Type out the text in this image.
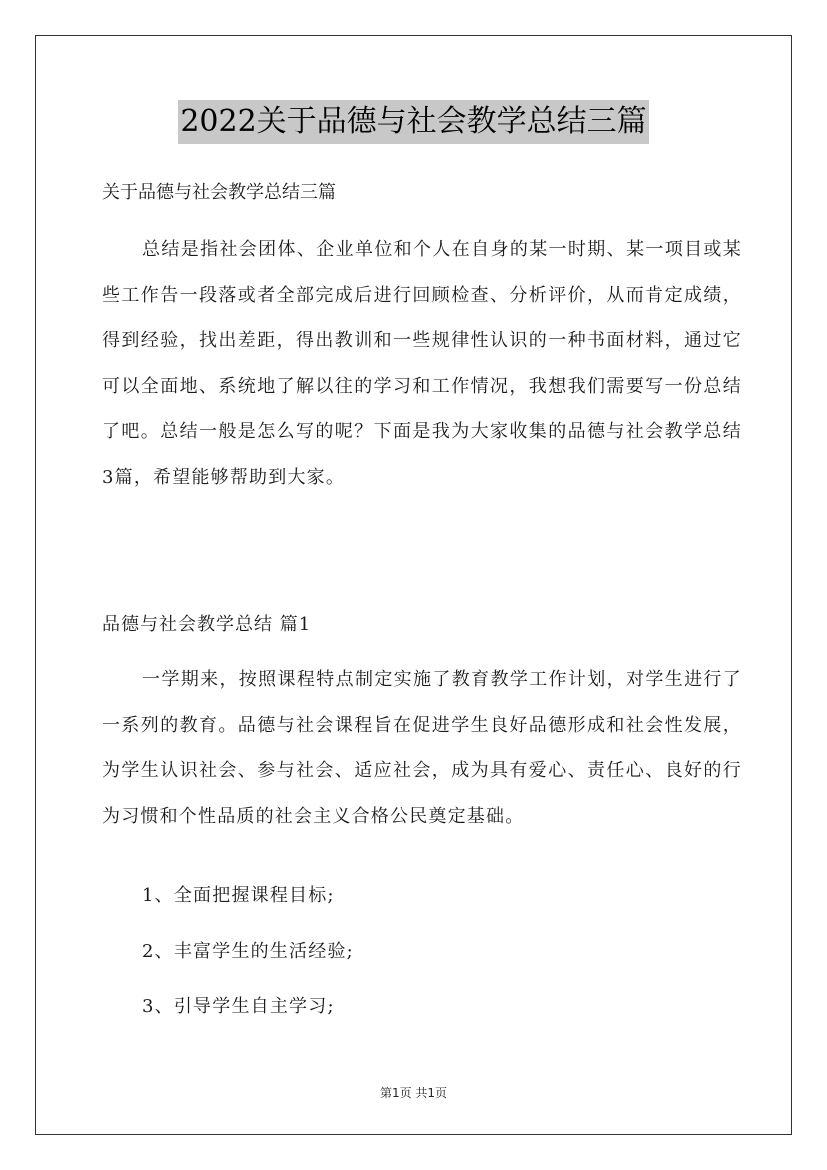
2022关于品德与社会教学总结三篇
关于品德与社会教学总结三篇

总结是指社会团体、企业单位和个人在自身的某一时期、某一项目或某些工作告一段落或者全部完成后进行回顾检查、分析评价，从而肯定成绩，得到经验，找出差距，得出教训和一些规律性认识的一种书面材料，通过它可以全面地、系统地了解以往的学习和工作情况，我想我们需要写一份总结了吧。总结一般是怎么写的呢？下面是我为大家收集的品德与社会教学总结3篇，希望能够帮助到大家。

品德与社会教学总结 篇1

一学期来，按照课程特点制定实施了教育教学工作计划，对学生进行了一系列的教育。品德与社会课程旨在促进学生良好品德形成和社会性发展，为学生认识社会、参与社会、适应社会，成为具有爱心、责任心、良好的行为习惯和个性品质的社会主义合格公民奠定基础。

1、全面把握课程目标;
2、丰富学生的生活经验;
3、引导学生自主学习;
第1页 共1页
